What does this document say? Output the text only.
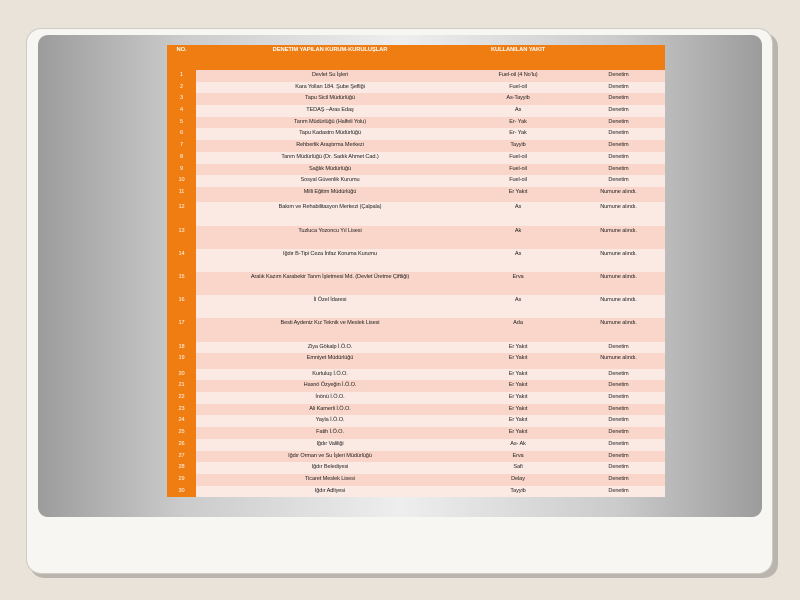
NO.	DENETİM YAPILAN KURUM-KURULUŞLAR	KULLANILAN YAKIT
1	Devlet Su İşleri	Fuel-oil (4 No'lu)	Denetim
2	Kara Yolları 184. Şube Şefliği	Fuel-oil	Denetim
3	Tapu Sicil Müdürlüğü	As-Tayyib	Denetim
4	TEDAŞ –Aras Edaş	As	Denetim
5	Tarım Müdürlüğü (Halfeli Yolu)	Er- Yak	Denetim
6	Tapu Kadastro Müdürlüğü	Er- Yak	Denetim
7	Rehberlik Araştırma Merkezi	Tayyib	Denetim
8	Tarım Müdürlüğü (Dr. Sadık Ahmet Cad.)	Fuel-oil	Denetim
9	Sağlık Müdürlüğü	Fuel-oil	Denetim
10	Sosyal Güvenlik Kurumu	Fuel-oil	Denetim
11	Milli Eğitim Müdürlüğü	Er Yakıt	Numune alındı.
12	Bakım ve Rehabilitasyon Merkezi (Çalpala)	As	Numune alındı.
13	Tuzluca Yozoncu Yıl Lisesi	Ak	Numune alındı.
14	Iğdır B-Tipi Ceza İnfaz Koruma Kurumu	As	Numune alındı.
15	Aralık Kazım Karabekir Tarım İşletmesi Md. (Devlet Üretme Çiftliği)	Erva	Numune alındı.
16	İl Özel İdaresi	As	Numune alındı.
17	Besti Aydeniz Kız Teknik ve Meslek Lisesi	Ada	Numune alındı.
18	Ziya Gökalp İ.Ö.O.	Er Yakıt	Denetim
19	Emniyet Müdürlüğü	Er Yakıt	Numune alındı.
20	Kurtuluş İ.Ö.O.	Er Yakıt	Denetim
21	Hasnö Özyeğin İ.Ö.O.	Er Yakıt	Denetim
22	İnönü İ.Ö.O.	Er Yakıt	Denetim
23	Ali Kamerli İ.Ö.O.	Er Yakıt	Denetim
24	Yayla İ.Ö.O.	Er Yakıt	Denetim
25	Fatih İ.Ö.O.	Er Yakıt	Denetim
26	Iğdır Valiliği	As- Ak	Denetim
27	Iğdır Orman ve Su İşleri Müdürlüğü	Erva	Denetim
28	Iğdır Belediyesi	Safi	Denetim
29	Ticaret Meslek Lisesi	Delay	Denetim
30	Iğdır Adliyesi	Tayyib	Denetim
